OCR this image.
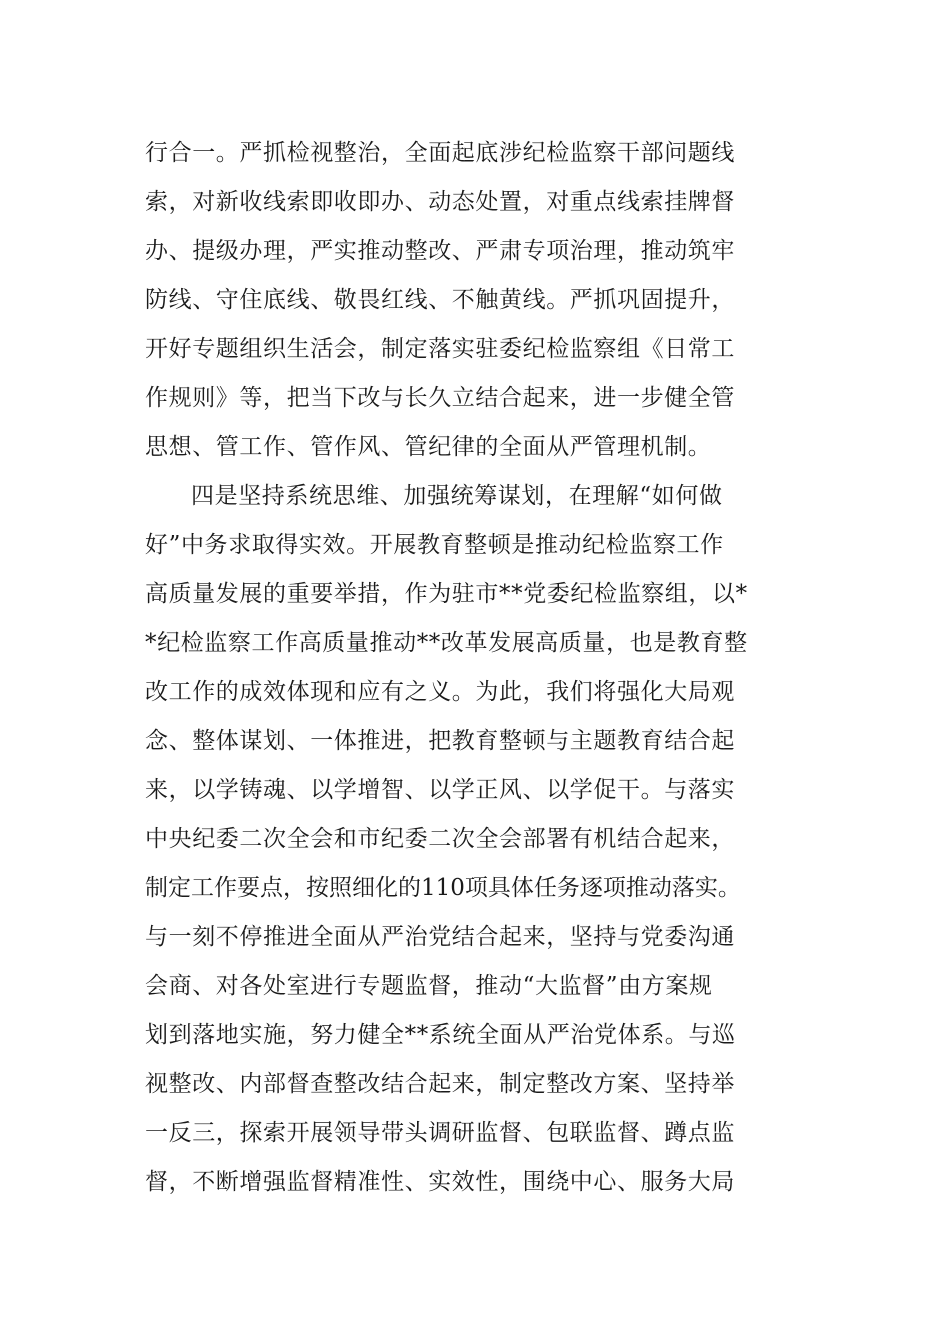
行合一。严抓检视整治，全面起底涉纪检监察干部问题线
索，对新收线索即收即办、动态处置，对重点线索挂牌督
办、提级办理，严实推动整改、严肃专项治理，推动筑牢
防线、守住底线、敬畏红线、不触黄线。严抓巩固提升，
开好专题组织生活会，制定落实驻委纪检监察组《日常工
作规则》等，把当下改与长久立结合起来，进一步健全管
思想、管工作、管作风、管纪律的全面从严管理机制。
四是坚持系统思维、加强统筹谋划，在理解“如何做
好”中务求取得实效。开展教育整顿是推动纪检监察工作
高质量发展的重要举措，作为驻市**党委纪检监察组，以*
*纪检监察工作高质量推动**改革发展高质量，也是教育整
改工作的成效体现和应有之义。为此，我们将强化大局观
念、整体谋划、一体推进，把教育整顿与主题教育结合起
来，以学铸魂、以学增智、以学正风、以学促干。与落实
中央纪委二次全会和市纪委二次全会部署有机结合起来，
制定工作要点，按照细化的110项具体任务逐项推动落实。
与一刻不停推进全面从严治党结合起来，坚持与党委沟通
会商、对各处室进行专题监督，推动“大监督”由方案规
划到落地实施，努力健全**系统全面从严治党体系。与巡
视整改、内部督查整改结合起来，制定整改方案、坚持举
一反三，探索开展领导带头调研监督、包联监督、蹲点监
督，不断增强监督精准性、实效性，围绕中心、服务大局
